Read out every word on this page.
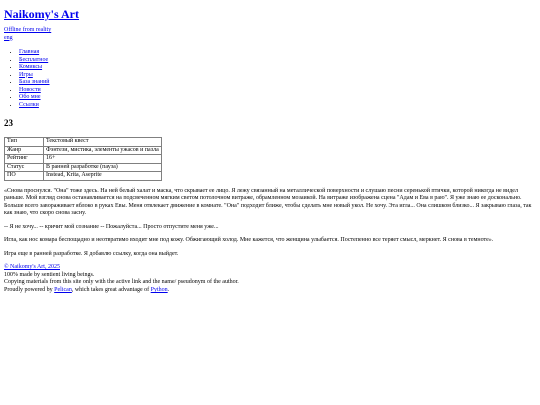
Naikomy's Art

Offline from reality

eng

• Главная
• Бесплатное
• Комиксы
• Игры
• База знаний
• Новости
• Обо мне
• Ссылки
23
Тип	Текстовый квест
Жанр	Фэнтези, мистика, элементы ужасов и пазла
Рейтинг	16+
Статус	В ранней разработке (пауза)
ПО	Instead, Krita, Aseprite

«Снова проснулся. "Она" тоже здесь. На ней белый халат и маска, что скрывает ее лицо. Я лежу связанный на металлической поверхности и слушаю песни серенькой птички, которой никогда не видел раньше. Мой взгляд снова останавливается на подсвеченном мягким светом потолочном витраже, обрамленном мозаикой. На витраже изображена сцена "Адам и Ева в раю". Я уже знаю ее досконально. Больше всего завораживает яблоко в руках Евы. Меня отвлекает движение в комнате. "Она" подходит ближе, чтобы сделать мне новый укол. Не хочу. Эта игла... Она слишком близко... Я закрываю глаза, так как знаю, что скоро снова засну.

-- Я не хочу... -- кричит мой сознание -- Пожалуйста... Просто отпустите меня уже...

Игла, как нос комара беспощадно и неотвратимо входит мне под кожу. Обжигающий холод. Мне кажется, что женщина улыбается. Постепенно все теряет смысл, меркнет. Я снова в темноте».

Игра еще в ранней разработке. Я добавлю ссылку, когда она выйдет.

© Naikomy's Art, 2025

100% made by sentient living beings.

Copying materials from this site only with the active link and the name/ pseudonym of the author.

Proudly powered by Pelican, which takes great advantage of Python.
